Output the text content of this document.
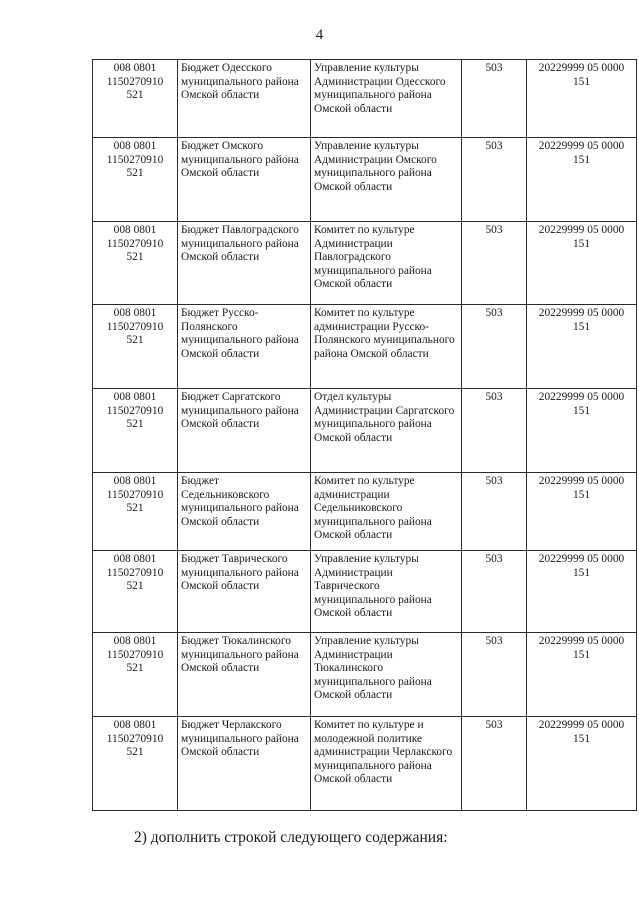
4
008 0801
1150270910
521	Бюджет Одесского муниципального района Омской области	Управление культуры Администрации Одесского муниципального района Омской области	503	20229999 05 0000 151

008 0801
1150270910
521	Бюджет Омского муниципального района Омской области	Управление культуры Администрации Омского муниципального района Омской области	503	20229999 05 0000 151

008 0801
1150270910
521	Бюджет Павлоградского муниципального района Омской области	Комитет по культуре Администрации Павлоградского муниципального района Омской области	503	20229999 05 0000 151

008 0801
1150270910
521	Бюджет Русско-Полянского муниципального района Омской области	Комитет по культуре администрации Русско-Полянского муниципального района Омской области	503	20229999 05 0000 151

008 0801
1150270910
521	Бюджет Саргатского муниципального района Омской области	Отдел культуры Администрации Саргатского муниципального района Омской области	503	20229999 05 0000 151

008 0801
1150270910
521	Бюджет Седельниковского муниципального района Омской области	Комитет по культуре администрации Седельниковского муниципального района Омской области	503	20229999 05 0000 151

008 0801
1150270910
521	Бюджет Таврического муниципального района Омской области	Управление культуры Администрации Таврического муниципального района Омской области	503	20229999 05 0000 151

008 0801
1150270910
521	Бюджет Тюкалинского муниципального района Омской области	Управление культуры Администрации Тюкалинского муниципального района Омской области	503	20229999 05 0000 151

008 0801
1150270910
521	Бюджет Черлакского муниципального района Омской области	Комитет по культуре и молодежной политике администрации Черлакского муниципального района Омской области	503	20229999 05 0000 151
2) дополнить строкой следующего содержания:
